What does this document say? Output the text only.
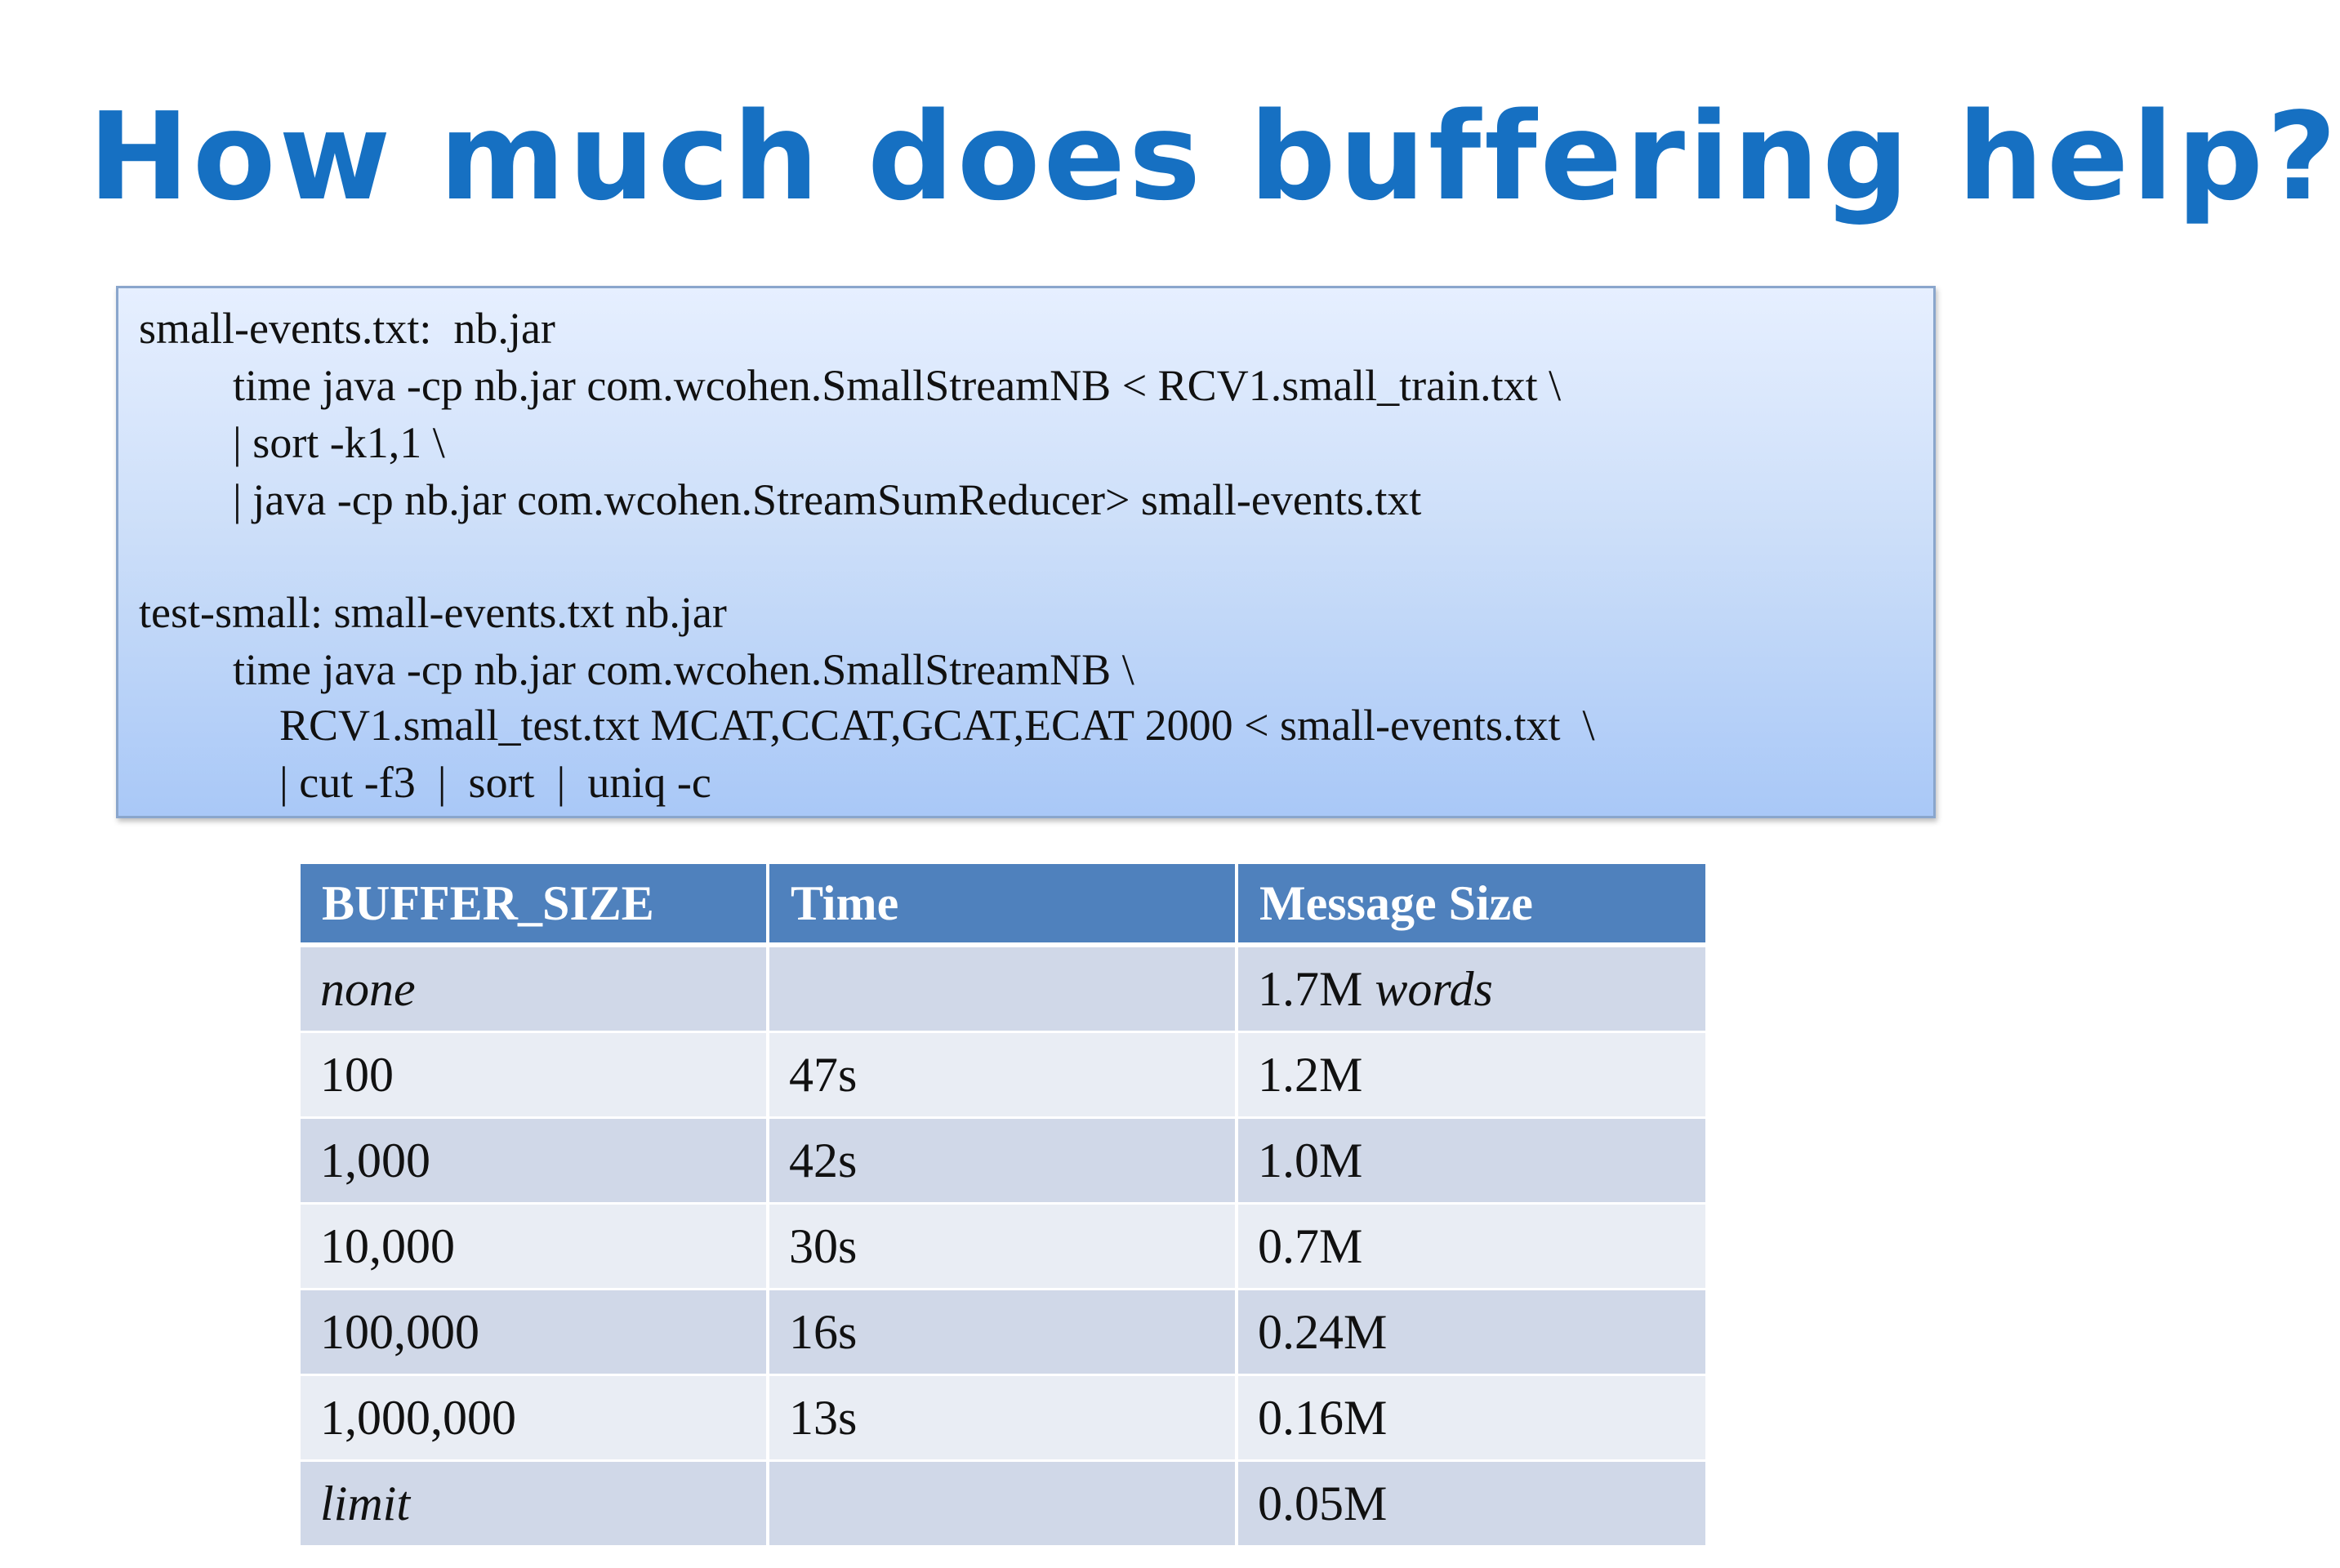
How much does buffering help?
small-events.txt:  nb.jar
time java -cp nb.jar com.wcohen.SmallStreamNB < RCV1.small_train.txt \
| sort -k1,1 \
| java -cp nb.jar com.wcohen.StreamSumReducer> small-events.txt
test-small: small-events.txt nb.jar
time java -cp nb.jar com.wcohen.SmallStreamNB \
RCV1.small_test.txt MCAT,CCAT,GCAT,ECAT 2000 < small-events.txt  \
| cut -f3  |  sort  |  uniq -c
BUFFER_SIZE	Time	Message Size
none		1.7M words
100	47s	1.2M
1,000	42s	1.0M
10,000	30s	0.7M
100,000	16s	0.24M
1,000,000	13s	0.16M
limit		0.05M
